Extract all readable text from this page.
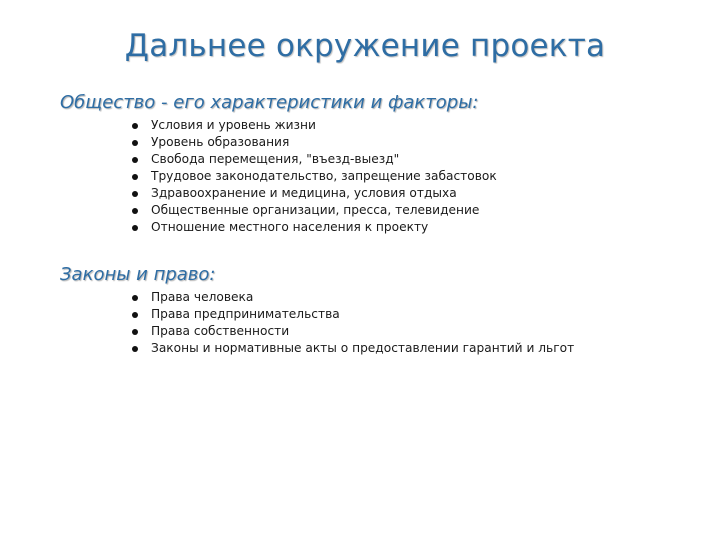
Дальнее окружение проекта
Общество - его характеристики и факторы:
Условия и уровень жизни
Уровень образования
Свобода перемещения, "въезд-выезд"
Трудовое законодательство, запрещение забастовок
Здравоохранение и медицина, условия отдыха
Общественные организации, пресса, телевидение
Отношение местного населения к проекту
Законы и право:
Права человека
Права предпринимательства
Права собственности
Законы и нормативные акты о предоставлении гарантий и льгот
